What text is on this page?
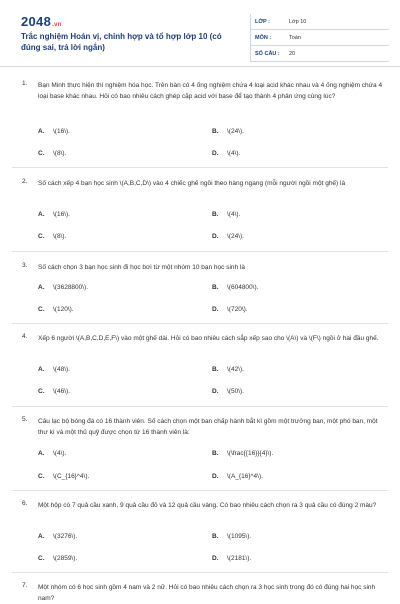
2048.vn
Trắc nghiệm Hoán vị, chỉnh hợp và tổ hợp lớp 10 (có đúng sai, trả lời ngắn)
LỚP :	Lớp 10
MÔN :	Toán
SỐ CÂU :	20
1. Bạn Minh thực hiện thí nghiệm hóa học. Trên bàn có 4 ống nghiệm chứa 4 loại acid khác nhau và 4 ống nghiệm chứa 4 loại base khác nhau. Hỏi có bao nhiêu cách ghép cặp acid với base để tạo thành 4 phản ứng cùng lúc?
A. \(16\).	B. \(24\).
C. \(8\).	D. \(4\).
2. Số cách xếp 4 bạn học sinh \(A,B,C,D\) vào 4 chiếc ghế ngồi theo hàng ngang (mỗi người ngồi một ghế) là
A. \(16\).	B. \(4\).
C. \(8\).	D. \(24\).
3. Số cách chọn 3 bạn học sinh đi học bơi từ một nhóm 10 bạn học sinh là
A. \(3628800\).	B. \(604800\).
C. \(120\).	D. \(720\).
4. Xếp 6 người \(A,B,C,D,E,F\) vào một ghế dài. Hỏi có bao nhiêu cách sắp xếp sao cho \(A\) và \(F\) ngồi ở hai đầu ghế.
A. \(48\).	B. \(42\).
C. \(46\).	D. \(50\).
5. Câu lạc bộ bóng đá có 16 thành viên. Số cách chọn một ban chấp hành bắt kì gồm một trưởng ban, một phó ban, một thư kí và một thủ quỹ được chọn từ 16 thành viên là:
A. \(4\).	B. \(\frac{{16}}{4}\).
C. \(C_{16}^4\).	D. \(A_{16}^4\).
6. Một hộp có 7 quả cầu xanh, 9 quả cầu đỏ và 12 quả cầu vàng. Có bao nhiêu cách chọn ra 3 quả cầu có đúng 2 màu?
A. \(3276\).	B. \(1095\).
C. \(2859\).	D. \(2181\).
7. Một nhóm có 6 học sinh gồm 4 nam và 2 nữ. Hỏi có bao nhiêu cách chọn ra 3 học sinh trong đó có đúng hai học sinh nam?
